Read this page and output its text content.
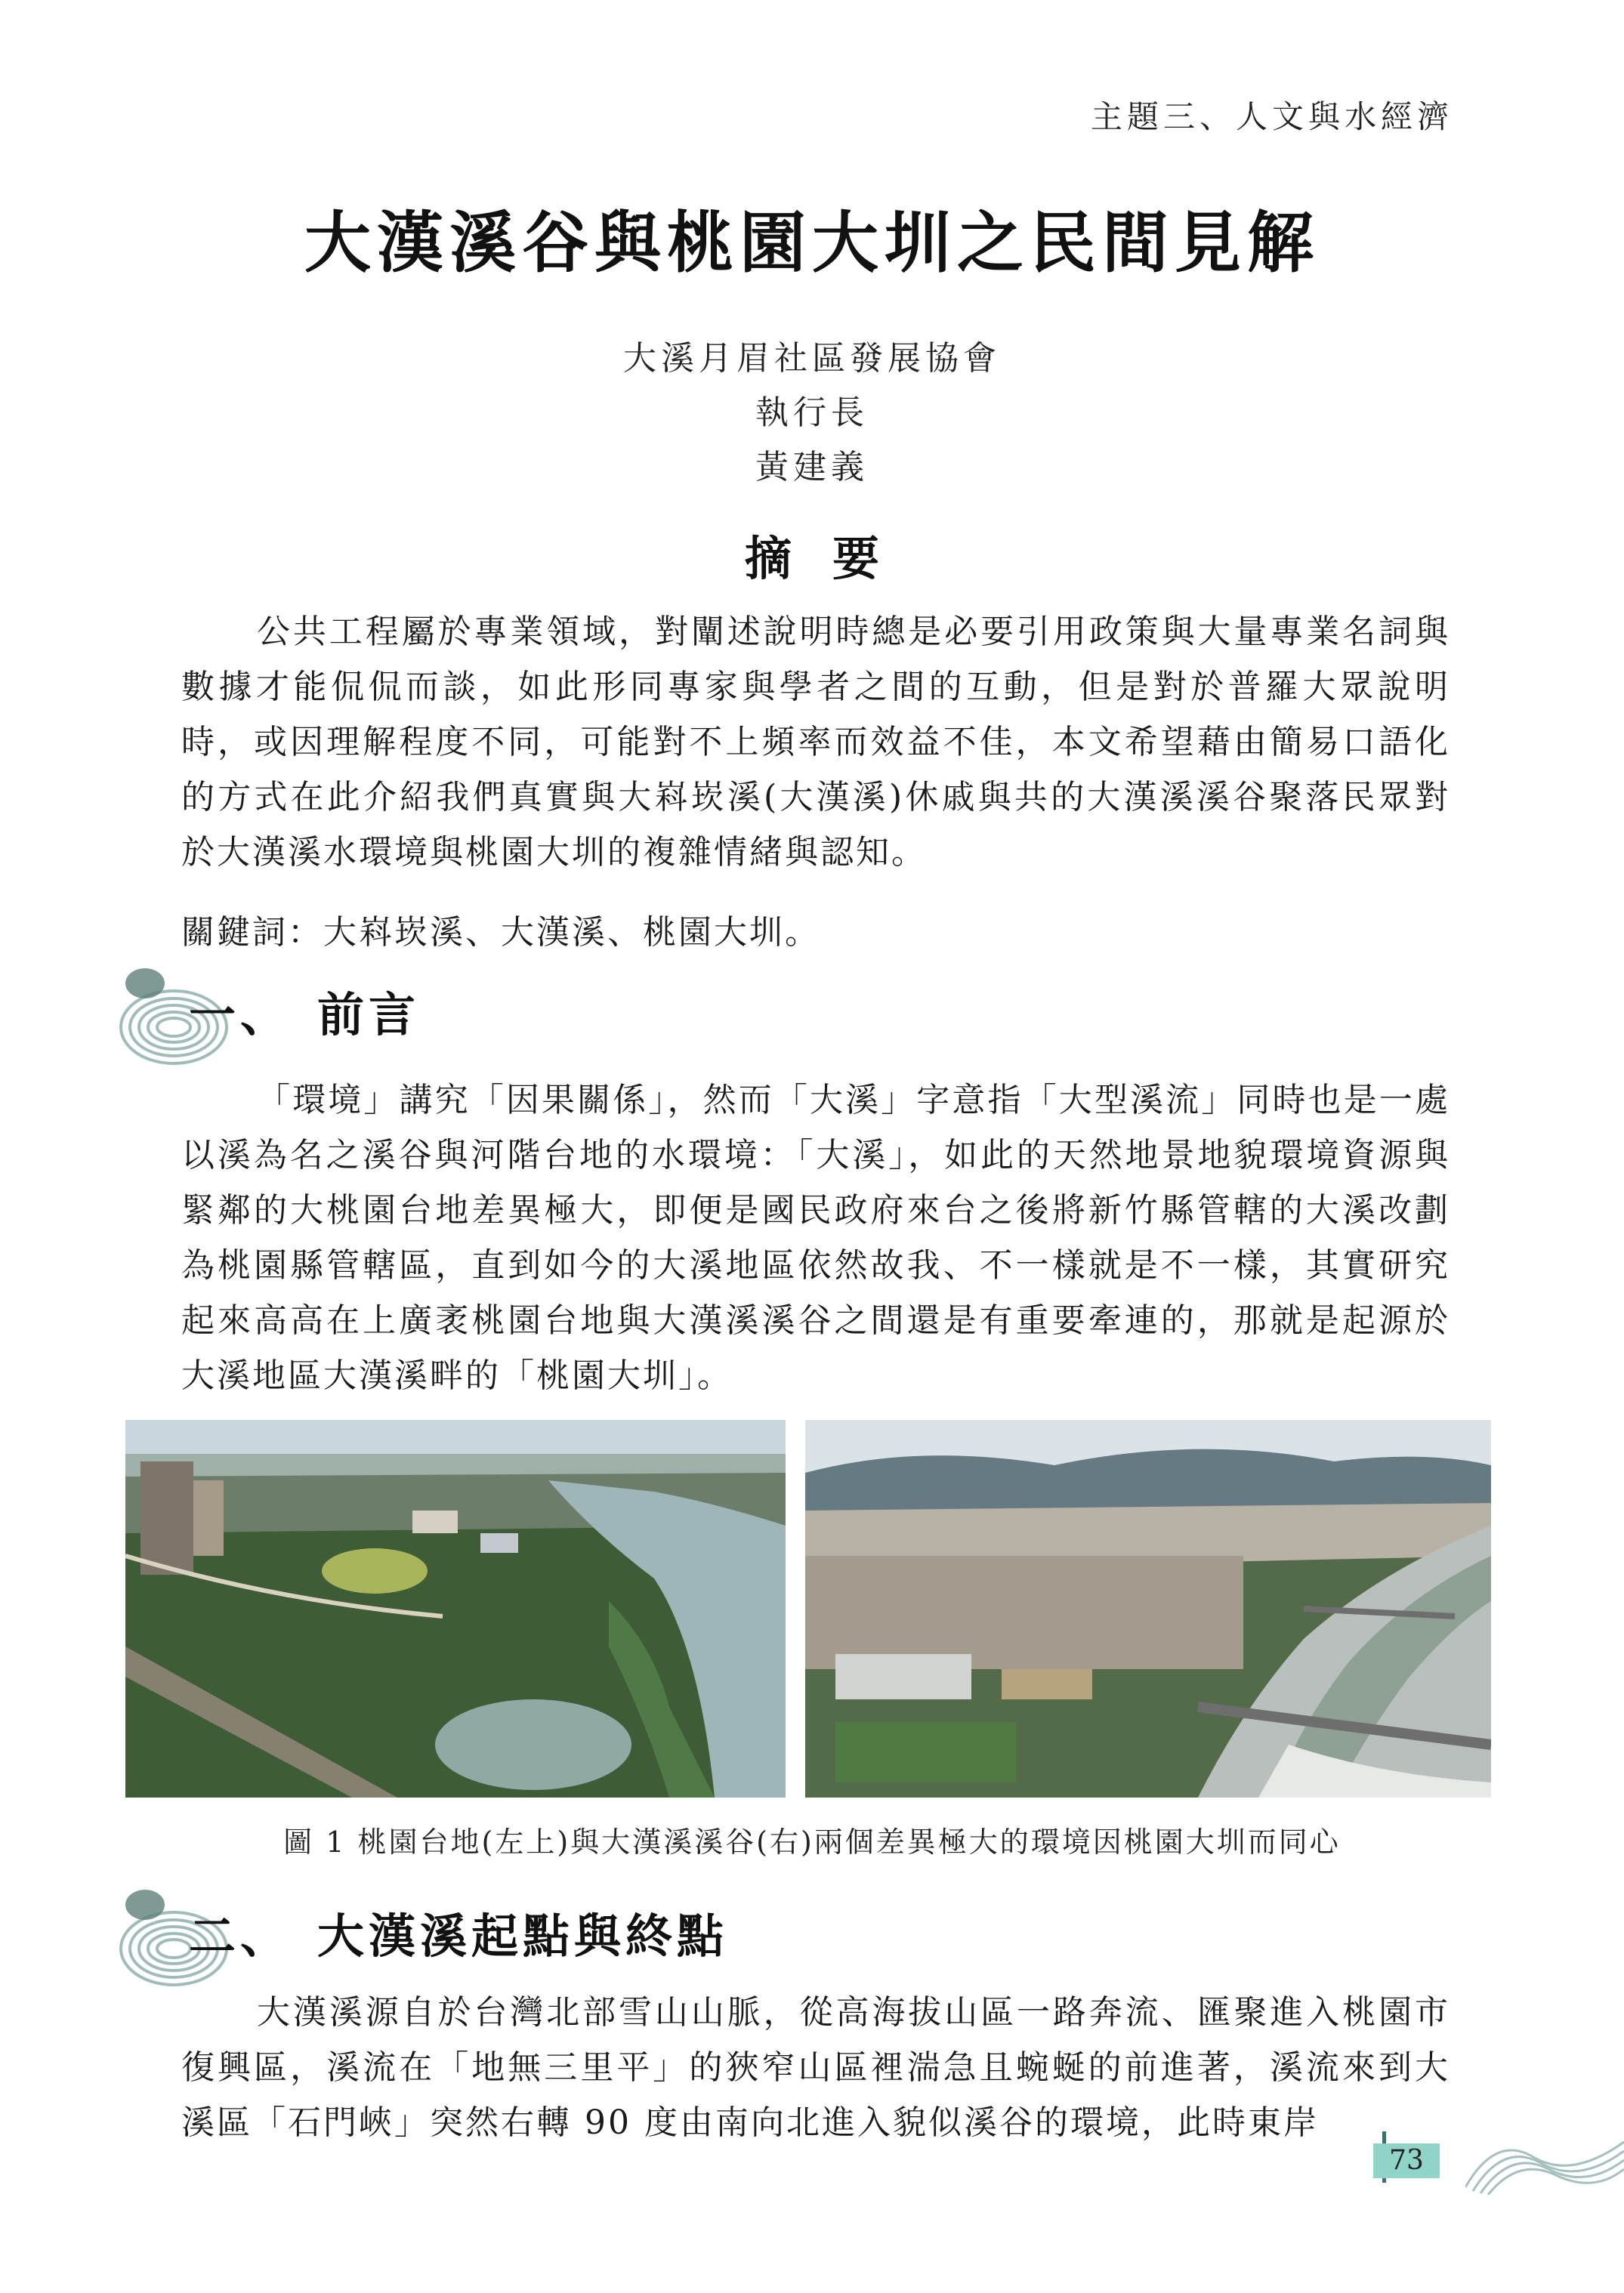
主題三、人文與水經濟
大漢溪谷與桃園大圳之民間見解
大溪月眉社區發展協會
執行長
黃建義
摘要

公共工程屬於專業領域，對闡述說明時總是必要引用政策與大量專業名詞與數據才能侃侃而談，如此形同專家與學者之間的互動，但是對於普羅大眾說明時，或因理解程度不同，可能對不上頻率而效益不佳，本文希望藉由簡易口語化的方式在此介紹我們真實與大嵙崁溪(大漢溪)休戚與共的大漢溪溪谷聚落民眾對於大漢溪水環境與桃園大圳的複雜情緒與認知。

關鍵詞：大嵙崁溪、大漢溪、桃園大圳。

一、 前言

「環境」講究「因果關係」，然而「大溪」字意指「大型溪流」同時也是一處以溪為名之溪谷與河階台地的水環境：「大溪」，如此的天然地景地貌環境資源與緊鄰的大桃園台地差異極大，即便是國民政府來台之後將新竹縣管轄的大溪改劃為桃園縣管轄區，直到如今的大溪地區依然故我、不一樣就是不一樣，其實研究起來高高在上廣袤桃園台地與大漢溪溪谷之間還是有重要牽連的，那就是起源於大溪地區大漢溪畔的「桃園大圳」。

圖 1 桃園台地(左上)與大漢溪溪谷(右)兩個差異極大的環境因桃園大圳而同心
二、 大漢溪起點與終點

大漢溪源自於台灣北部雪山山脈，從高海拔山區一路奔流、匯聚進入桃園市復興區，溪流在「地無三里平」的狹窄山區裡湍急且蜿蜒的前進著，溪流來到大溪區「石門峽」突然右轉 90 度由南向北進入貌似溪谷的環境，此時東岸

73
